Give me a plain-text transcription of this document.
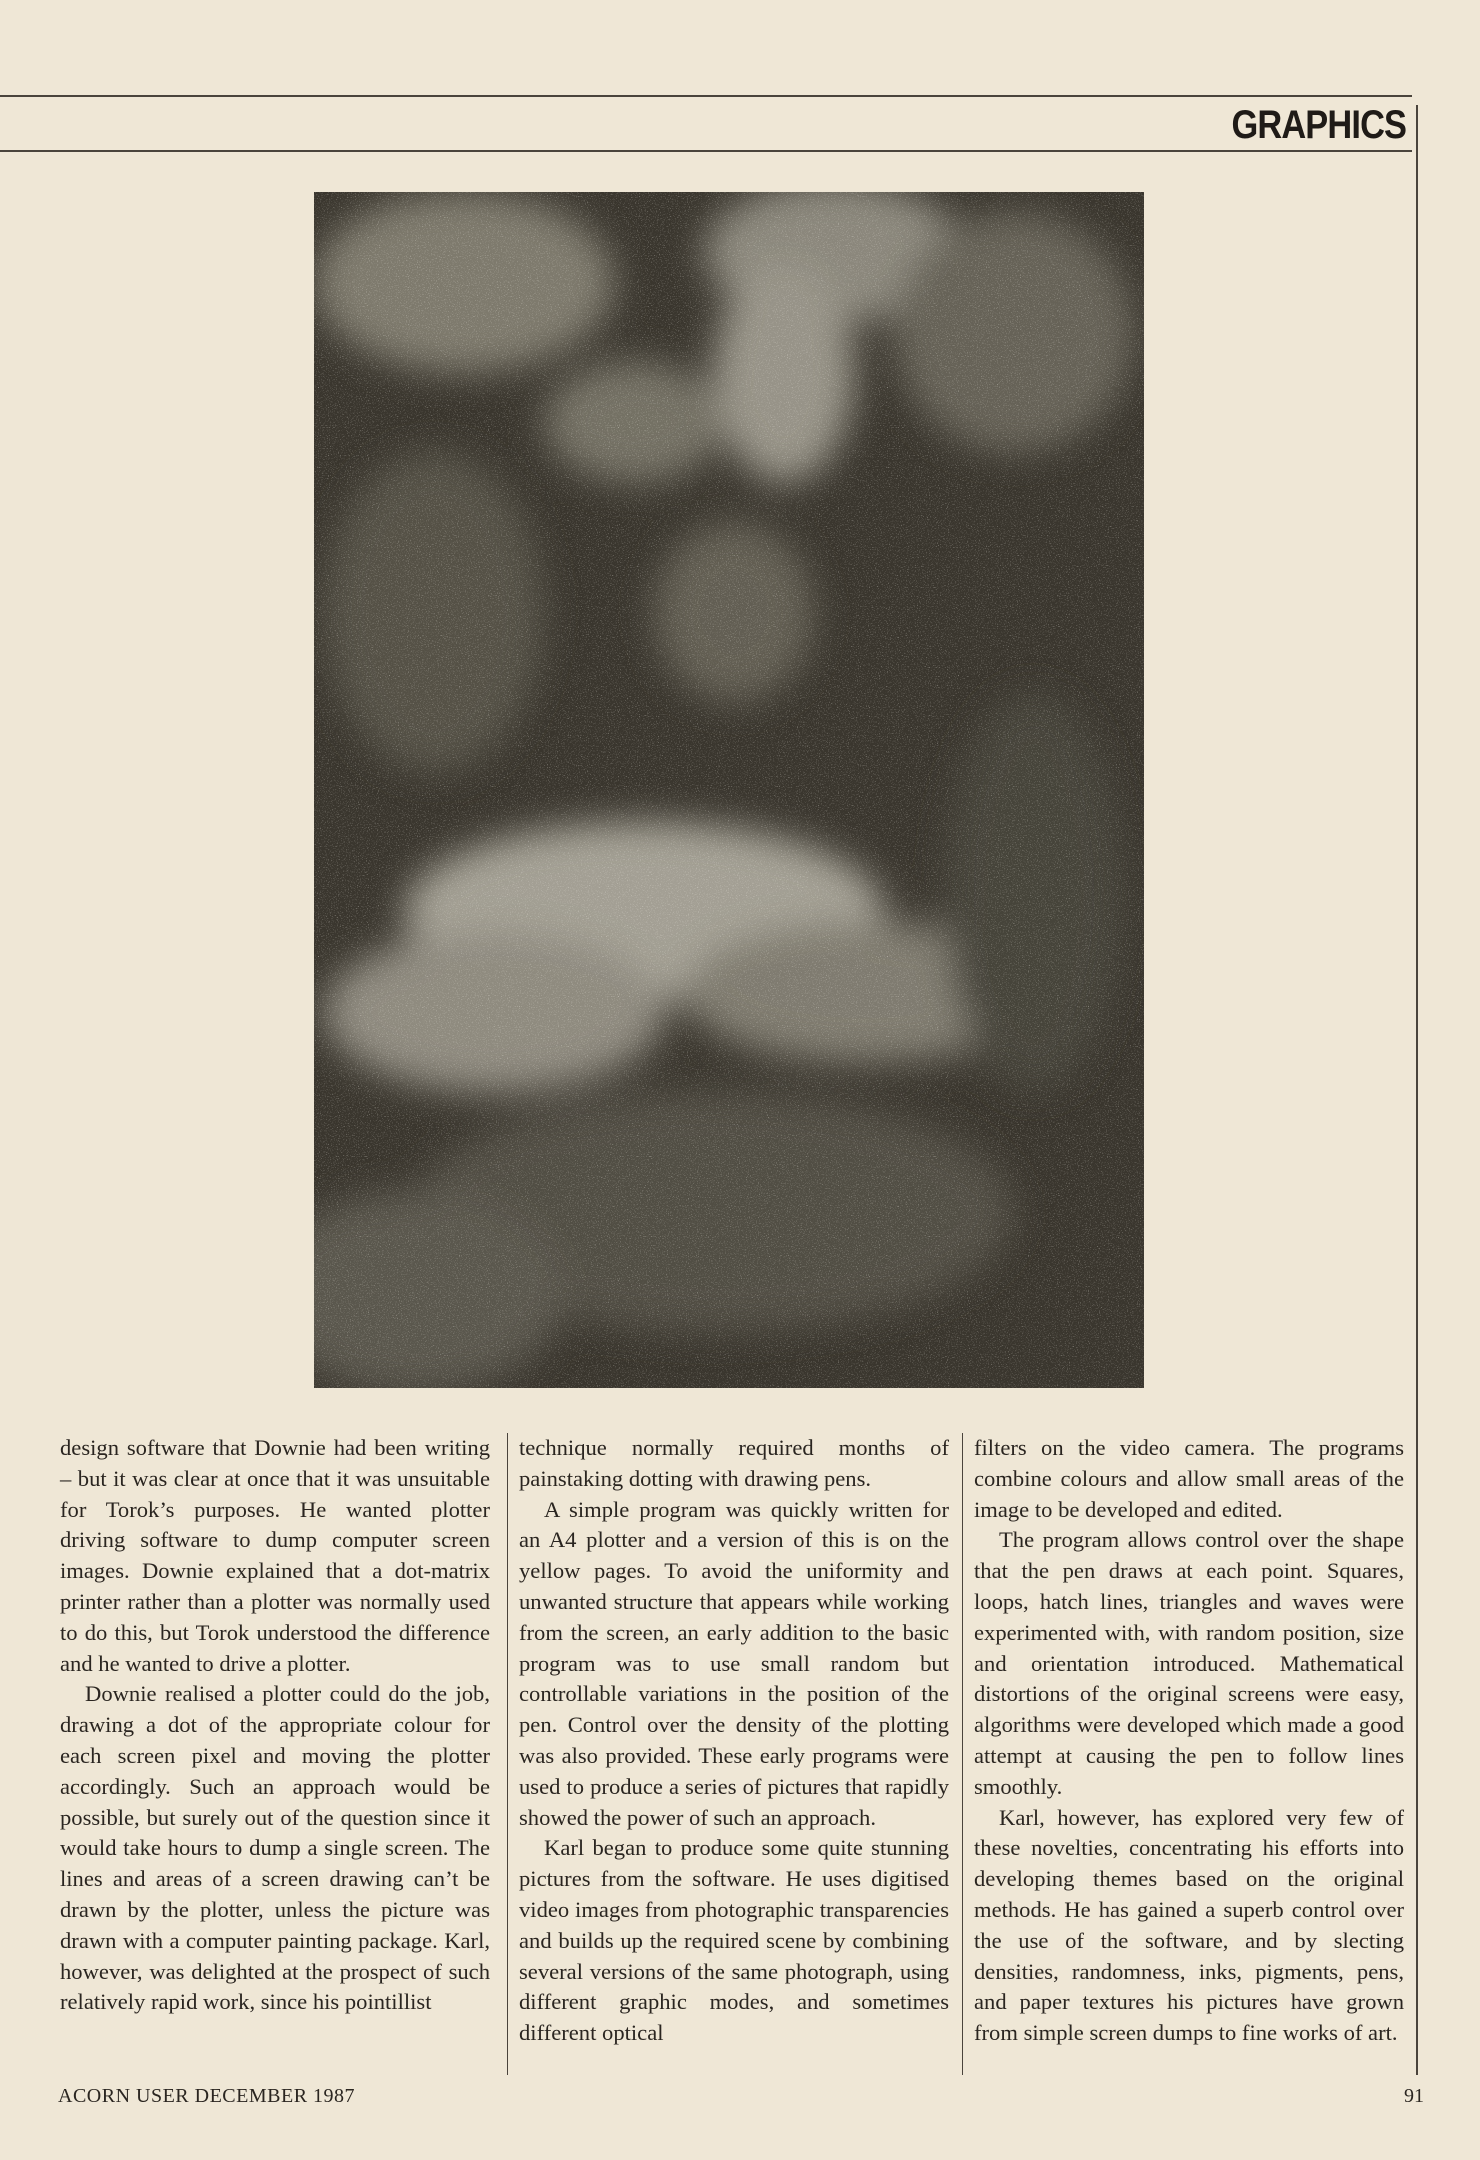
GRAPHICS

design software that Downie had been writing – but it was clear at once that it was unsuitable for Torok’s purposes. He wanted plotter driving software to dump computer screen images. Downie explained that a dot-matrix printer rather than a plotter was normally used to do this, but Torok understood the difference and he wanted to drive a plotter.

Downie realised a plotter could do the job, drawing a dot of the appropriate colour for each screen pixel and moving the plotter accordingly. Such an approach would be possible, but surely out of the question since it would take hours to dump a single screen. The lines and areas of a screen drawing can’t be drawn by the plotter, unless the picture was drawn with a computer painting package. Karl, however, was delighted at the prospect of such relatively rapid work, since his pointillist

technique normally required months of painstaking dotting with drawing pens.

A simple program was quickly written for an A4 plotter and a version of this is on the yellow pages. To avoid the uniformity and unwanted structure that appears while working from the screen, an early addition to the basic program was to use small random but controllable variations in the position of the pen. Control over the density of the plotting was also provided. These early programs were used to produce a series of pictures that rapidly showed the power of such an approach.

Karl began to produce some quite stunning pictures from the software. He uses digitised video images from photographic transparencies and builds up the required scene by combining several versions of the same photograph, using different graphic modes, and sometimes different optical

filters on the video camera. The programs combine colours and allow small areas of the image to be developed and edited.

The program allows control over the shape that the pen draws at each point. Squares, loops, hatch lines, triangles and waves were experimented with, with random position, size and orientation introduced. Mathematical distortions of the original screens were easy, algorithms were developed which made a good attempt at causing the pen to follow lines smoothly.

Karl, however, has explored very few of these novelties, concentrating his efforts into developing themes based on the original methods. He has gained a superb control over the use of the software, and by slecting densities, randomness, inks, pigments, pens, and paper textures his pictures have grown from simple screen dumps to fine works of art.

ACORN USER DECEMBER 1987	91
